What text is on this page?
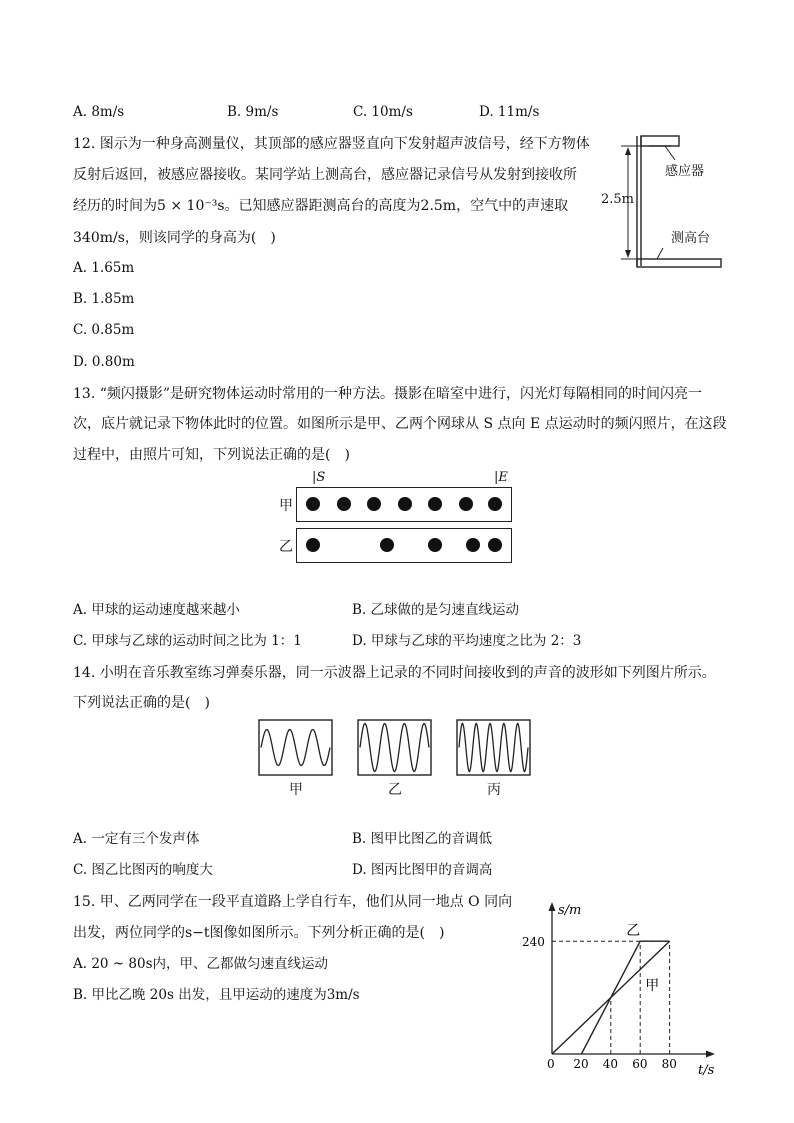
A. 8m/s	B. 9m/s	C. 10m/s	D. 11m/s
12. 图示为一种身高测量仪，其顶部的感应器竖直向下发射超声波信号，经下方物体
反射后返回，被感应器接收。某同学站上测高台，感应器记录信号从发射到接收所
经历的时间为5 × 10⁻³s。已知感应器距测高台的高度为2.5m，空气中的声速取
340m/s，则该同学的身高为(　)
A. 1.65m
B. 1.85m
C. 0.85m
D. 0.80m
感应器
2.5m
测高台
13. “频闪摄影”是研究物体运动时常用的一种方法。摄影在暗室中进行，闪光灯每隔相同的时间闪亮一
次，底片就记录下物体此时的位置。如图所示是甲、乙两个网球从 S 点向 E 点运动时的频闪照片，在这段
过程中，由照片可知，下列说法正确的是(　)
|S	|E
甲
乙
A. 甲球的运动速度越来越小	B. 乙球做的是匀速直线运动
C. 甲球与乙球的运动时间之比为 1：1	D. 甲球与乙球的平均速度之比为 2：3
14. 小明在音乐教室练习弹奏乐器，同一示波器上记录的不同时间接收到的声音的波形如下列图片所示。
下列说法正确的是(　)
甲	乙	丙
A. 一定有三个发声体	B. 图甲比图乙的音调低
C. 图乙比图丙的响度大	D. 图丙比图甲的音调高
15. 甲、乙两同学在一段平直道路上学自行车，他们从同一地点 O 同向
出发，两位同学的s−t图像如图所示。下列分析正确的是(　)
A. 20 ~ 80s内，甲、乙都做匀速直线运动
B. 甲比乙晚 20s 出发，且甲运动的速度为3m/s
乙
甲
240
s/m
0 20 40 60 80 t/s
